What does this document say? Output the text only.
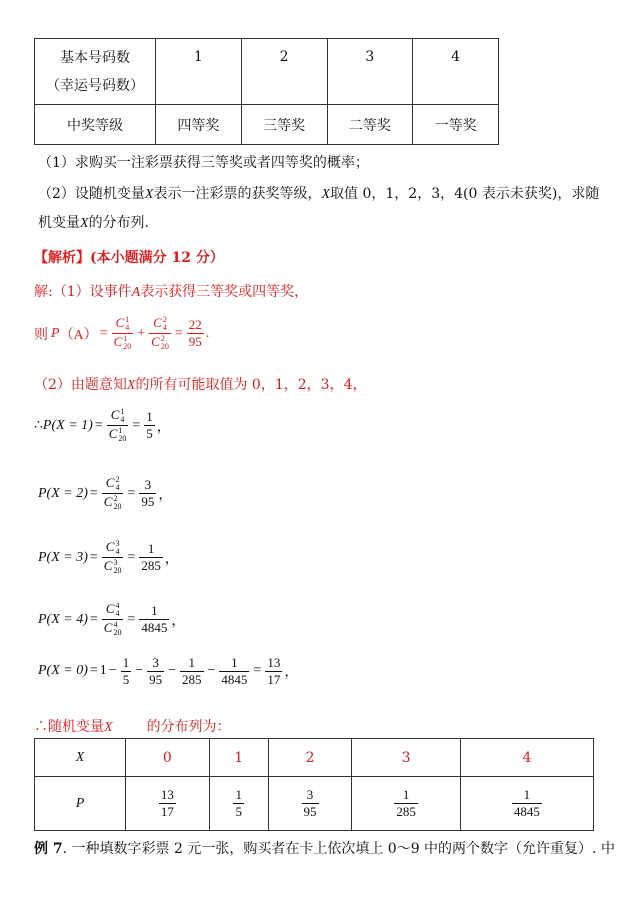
基本号码数
（幸运号码数）	1	2	3	4
中奖等级	四等奖	三等奖	二等奖	一等奖
（1）求购买一注彩票获得三等奖或者四等奖的概率；
（2）设随机变量X表示一注彩票的获奖等级，X取值 0，1，2，3，4(0 表示未获奖)，求随
机变量X的分布列.
【解析】(本小题满分 12 分）
解:（1）设事件A表示获得三等奖或四等奖，
则 P （A） = C 1
4
C 1
20 + C 2
4
C 2
$20 = \frac{22}{95}$ .
（2）由题意知X的所有可能取值为 0，1，2，3，4，
∴ P(X = 1) = C 1
4
C 1
$20 = \frac{1}{5}$ ，
P(X = 2) = C 2
4
C 2
$20 = \frac{3}{95}$ ，
P(X = 3) = C 3
4
C 3
$20 = \frac{1}{285}$ ，
P(X = 4) = C 4
4
C 4
$20 = \frac{1}{4845}$ ，
$P(X = 0) = 1 - \frac{1}{5} - \frac{3}{95} - \frac{1}{285} - \frac{1}{4845} = \frac{13}{17}$ ，
∴随机变量X 的分布列为：
X	0	1	2	3	4
P	$\frac{13}{17}$	$\frac{1}{5}$	$\frac{3}{95}$	$\frac{1}{285}$	$\frac{1}{4845}$
例 7. 一种填数字彩票 2 元一张，购买者在卡上依次填上 0～9 中的两个数字（允许重复）. 中
